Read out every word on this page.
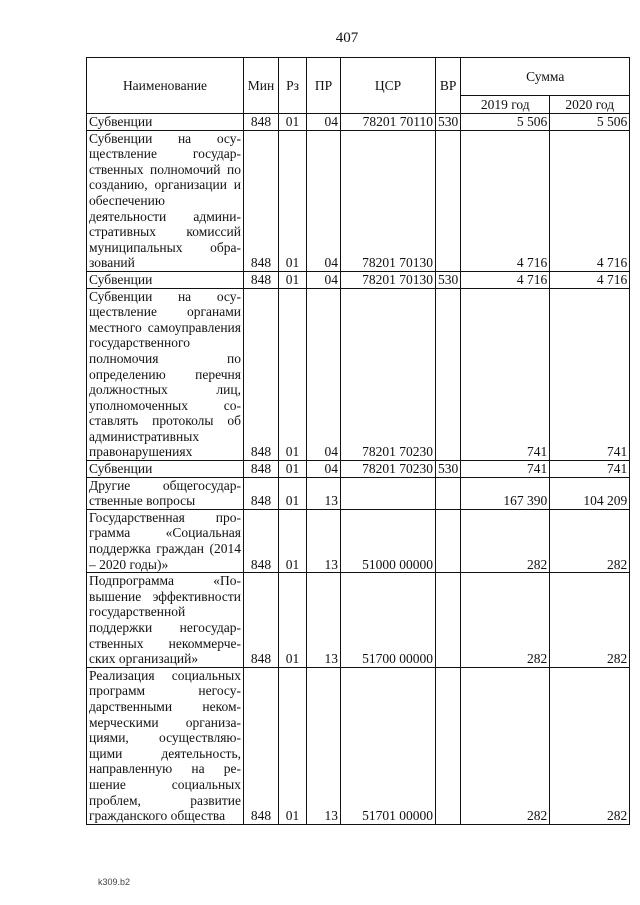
407
Наименование	Мин	Рз	ПР	ЦСР	ВР	Сумма	
						2019 год	2020 год
Субвенции	848	01	04	78201 70110	530	5 506	5 506
Субвенции на осуществление государственных полномочий по созданию, организации и обеспечению деятельности административных комиссий муниципальных образований	848	01	04	78201 70130		4 716	4 716
Субвенции	848	01	04	78201 70130	530	4 716	4 716
Субвенции на осуществление органами местного самоуправления государственного полномочия по определению перечня должностных лиц, уполномоченных составлять протоколы об административных правонарушениях	848	01	04	78201 70230		741	741
Субвенции	848	01	04	78201 70230	530	741	741
Другие общегосударственные вопросы	848	01	13			167 390	104 209
Государственная программа «Социальная поддержка граждан (2014 – 2020 годы)»	848	01	13	51000 00000		282	282
Подпрограмма «Повышение эффективности государственной поддержки негосударственных некоммерческих организаций»	848	01	13	51700 00000		282	282
Реализация социальных программ негосударственными некоммерческими организациями, осуществляющими деятельность, направленную на решение социальных проблем, развитие гражданского общества	848	01	13	51701 00000		282	282
k309.b2
